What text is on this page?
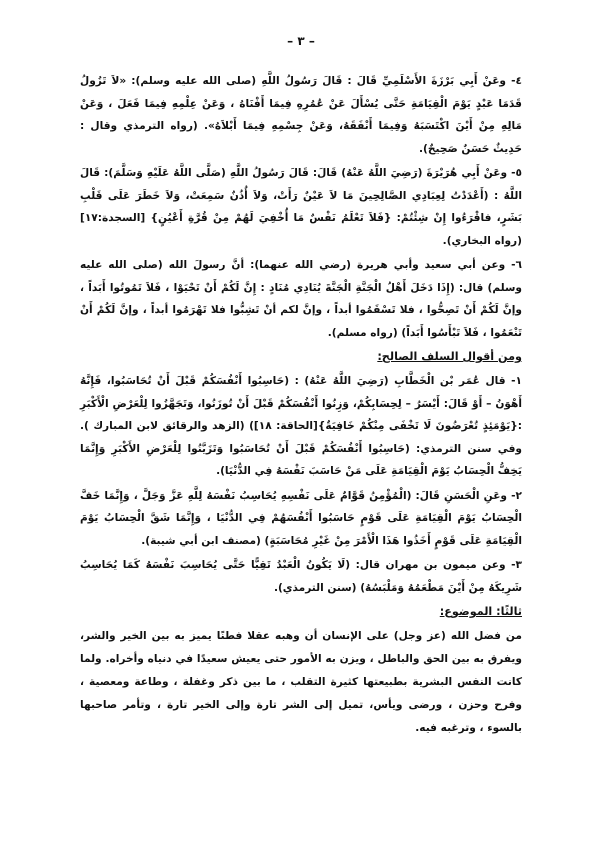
– ٣ –

٤- وعَنْ أَبِي بَرْزَةَ الأَسْلَمِيِّ قَالَ : قَالَ رَسُولُ اللَّهِ (صلى الله عليه وسلم): «لاَ تَزُولُ قَدَمَا عَبْدٍ يَوْمَ الْقِيَامَةِ حَتَّى يُسْأَلَ عَنْ عُمُرِهِ فِيمَا أَفْنَاهُ ، وَعَنْ عِلْمِهِ فِيمَا فَعَلَ ، وَعَنْ مَالِهِ مِنْ أَيْنَ اكْتَسَبَهُ وَفِيمَا أَنْفَقَهُ، وَعَنْ جِسْمِهِ فِيمَا أَبْلاَهُ». (رواه الترمذي وقال : حَدِيثٌ حَسَنٌ صَحِيحٌ).

٥- وعَنْ أَبِي هُرَيْرَةَ (رَضِيَ اللَّهُ عَنْهُ) قَالَ: قَالَ رَسُولُ اللَّهِ (صَلَّى اللَّهُ عَلَيْهِ وَسَلَّمَ): قَالَ اللَّهُ : (أَعْدَدْتُ لِعِبَادِي الصَّالِحِينَ مَا لاَ عَيْنٌ رَأَتْ، وَلاَ أُذُنٌ سَمِعَتْ، وَلاَ خَطَرَ عَلَى قَلْبِ بَشَرٍ، فاقْرَءُوا إِنْ شِئْتُمْ: {فَلاَ تَعْلَمُ نَفْسٌ مَا أُخْفِيَ لَهُمْ مِنْ قُرَّةِ أَعْيُنٍ} [السجدة:١٧] (رواه البخاري).

٦- وعن أبي سعيد وأبي هريرة (رضي الله عنهما): أنَّ رسولَ الله (صلى الله عليه وسلم) قال: (إِذَا دَخَلَ أَهْلُ الْجَنَّةِ الْجَنَّةَ يُنَادِي مُنَادٍ : إِنَّ لَكُمْ أَنْ تَحْيَوْا ، فَلاَ تَمُوتُوا أَبَداً ، وإنَّ لَكُمْ أَنْ تَصِحُّوا ، فلا تَسْقَمُوا أبداً ، وإنَّ لكم أنْ تَشِبُّوا فلا تَهْرَمُوا أبداً ، وإنَّ لَكُمْ أَنْ تَنْعَمُوا ، فَلاَ تَبْأَسُوا أَبَداً) (رواه مسلم).

ومن أقوال السلف الصالح:

١- قال عُمَر بْن الْخَطَّابِ (رَضِيَ اللَّهُ عَنْهُ) : (حَاسِبُوا أَنْفُسَكُمْ قَبْلَ أَنْ تُحَاسَبُوا، فَإِنَّهُ أَهْوَنُ – أَوْ قَالَ: أَيْسَرُ – لِحِسَابِكُمْ، وَزِنُوا أَنْفُسَكُمْ قَبْلَ أَنْ تُوزَنُوا، وَتَجَهَّزُوا لِلْعَرْضِ الْأَكْبَرِ :{يَوْمَئِذٍ تُعْرَضُونَ لَا تَخْفَى مِنْكُمْ خَافِيَةٌ}[الحاقة: ١٨]) (الزهد والرقائق لابن المبارك ). وفي سنن الترمذي: (حَاسِبُوا أَنْفُسَكُمْ قَبْلَ أَنْ تُحَاسَبُوا وَتَزَيَّنُوا لِلْعَرْضِ الأَكْبَرِ وَإِنَّمَا يَخِفُّ الْحِسَابُ يَوْمَ الْقِيَامَةِ عَلَى مَنْ حَاسَبَ نَفْسَهُ فِي الدُّنْيَا).

٢- وعَنِ الْحَسَنِ قَالَ: (الْمُؤْمِنُ قَوَّامٌ عَلَى نَفْسِهِ يُحَاسِبُ نَفْسَهُ لِلَّهِ عَزَّ وَجَلَّ ، وَإِنَّمَا خَفَّ الْحِسَابُ يَوْمَ الْقِيَامَةِ عَلَى قَوْمٍ حَاسَبُوا أَنْفُسَهُمْ فِي الدُّنْيَا ، وَإِنَّمَا شَقَّ الْحِسَابُ يَوْمَ الْقِيَامَةِ عَلَى قَوْمٍ أَخَذُوا هَذَا الْأَمْرَ مِنْ غَيْرِ مُحَاسَبَةٍ) (مصنف ابن أبي شيبة).

٣- وعن ميمون بن مهران قال: (لَا يَكُونُ الْعَبْدُ تَقِيًّا حَتَّى يُحَاسِبَ نَفْسَهُ كَمَا يُحَاسِبُ شَرِيكَهُ مِنْ أَيْنَ مَطْعَمُهُ وَمَلْبَسُهُ) (سنن الترمذي).

ثالثًا: الموضوع:

من فضل الله (عز وجل) على الإنسان أن وهبه عقلا فطنًا يميز به بين الخير والشر، ويفرق به بين الحق والباطل ، ويزن به الأمور حتى يعيش سعيدًا في دنياه وأخراه. ولما كانت النفس البشرية بطبيعتها كثيرة التقلب ، ما بين ذكر وغفلة ، وطاعة ومعصية ، وفرح وحزن ، ورضى ويأس، تميل إلى الشر تارة وإلى الخير تارة ، وتأمر صاحبها بالسوء ، وترغبه فيه.
